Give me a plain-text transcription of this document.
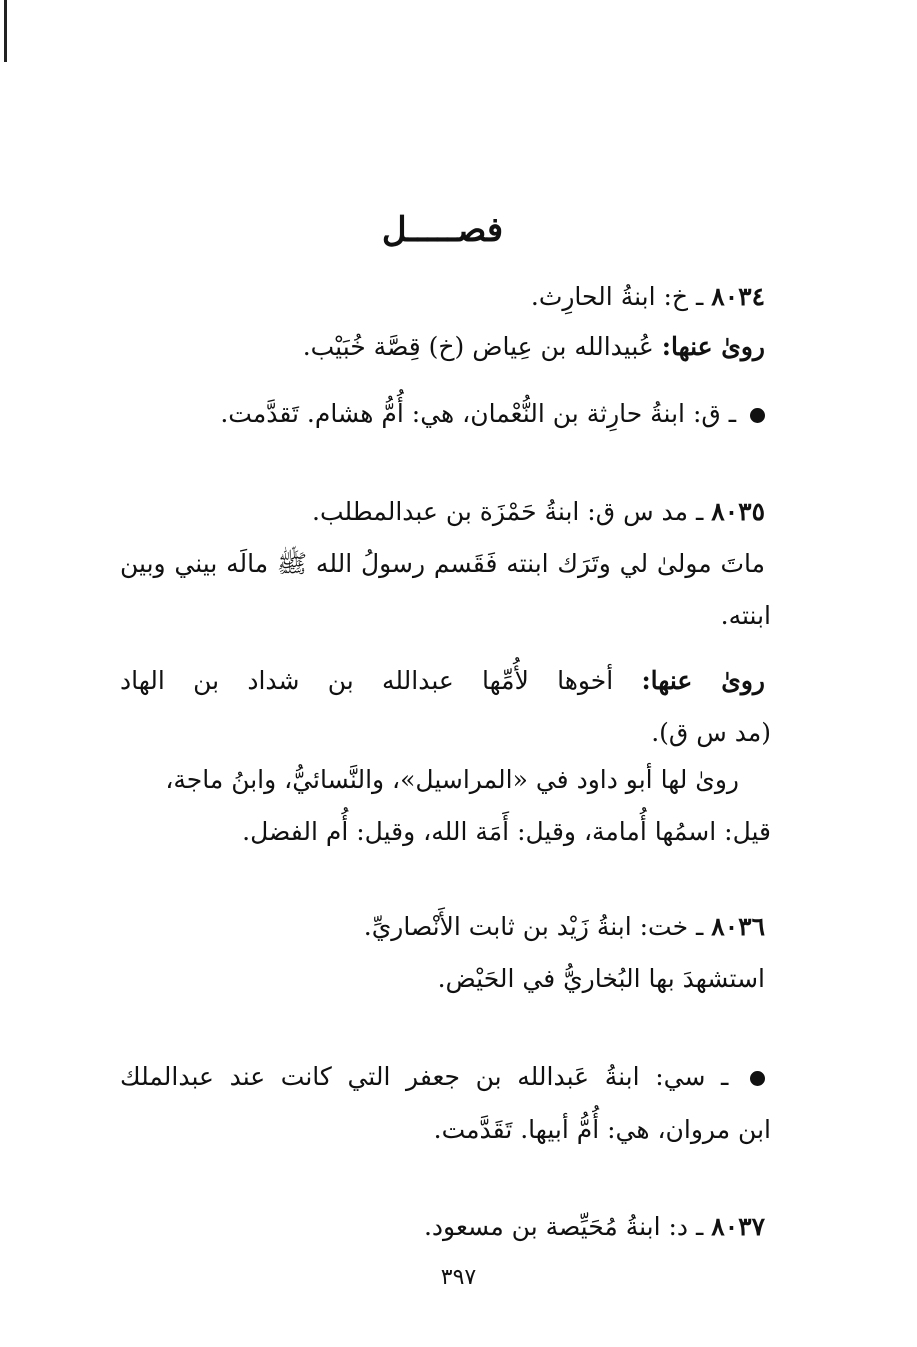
فصـــــل
٨٠٣٤ ـ خ: ابنةُ الحارِث.
روىٰ عنها: عُبيدالله بن عِياض (خ) قِصَّة خُبَيْب.
ـ ق: ابنةُ حارِثة بن النُّعْمان، هي: أُمُّ هشام. تَقدَّمت.
٨٠٣٥ ـ مد س ق: ابنةُ حَمْزَة بن عبدالمطلب.
ماتَ مولىٰ لي وتَرَك ابنته فَقَسم رسولُ الله ﷺ مالَه بيني وبين
ابنته.
روىٰ عنها: أخوها لأُمِّها عبدالله بن شداد بن الهاد
(مد س ق).
روىٰ لها أبو داود في «المراسيل»، والنَّسائيُّ، وابنُ ماجة،
قيل: اسمُها أُمامة، وقيل: أَمَة الله، وقيل: أُم الفضل.
٨٠٣٦ ـ خت: ابنةُ زَيْد بن ثابت الأَنْصاريِّ.
استشهدَ بها البُخاريُّ في الحَيْض.
ـ سي: ابنةُ عَبدالله بن جعفر التي كانت عند عبدالملك
ابن مروان، هي: أُمُّ أبيها. تَقَدَّمت.
٨٠٣٧ ـ د: ابنةُ مُحَيِّصة بن مسعود.
٣٩٧
